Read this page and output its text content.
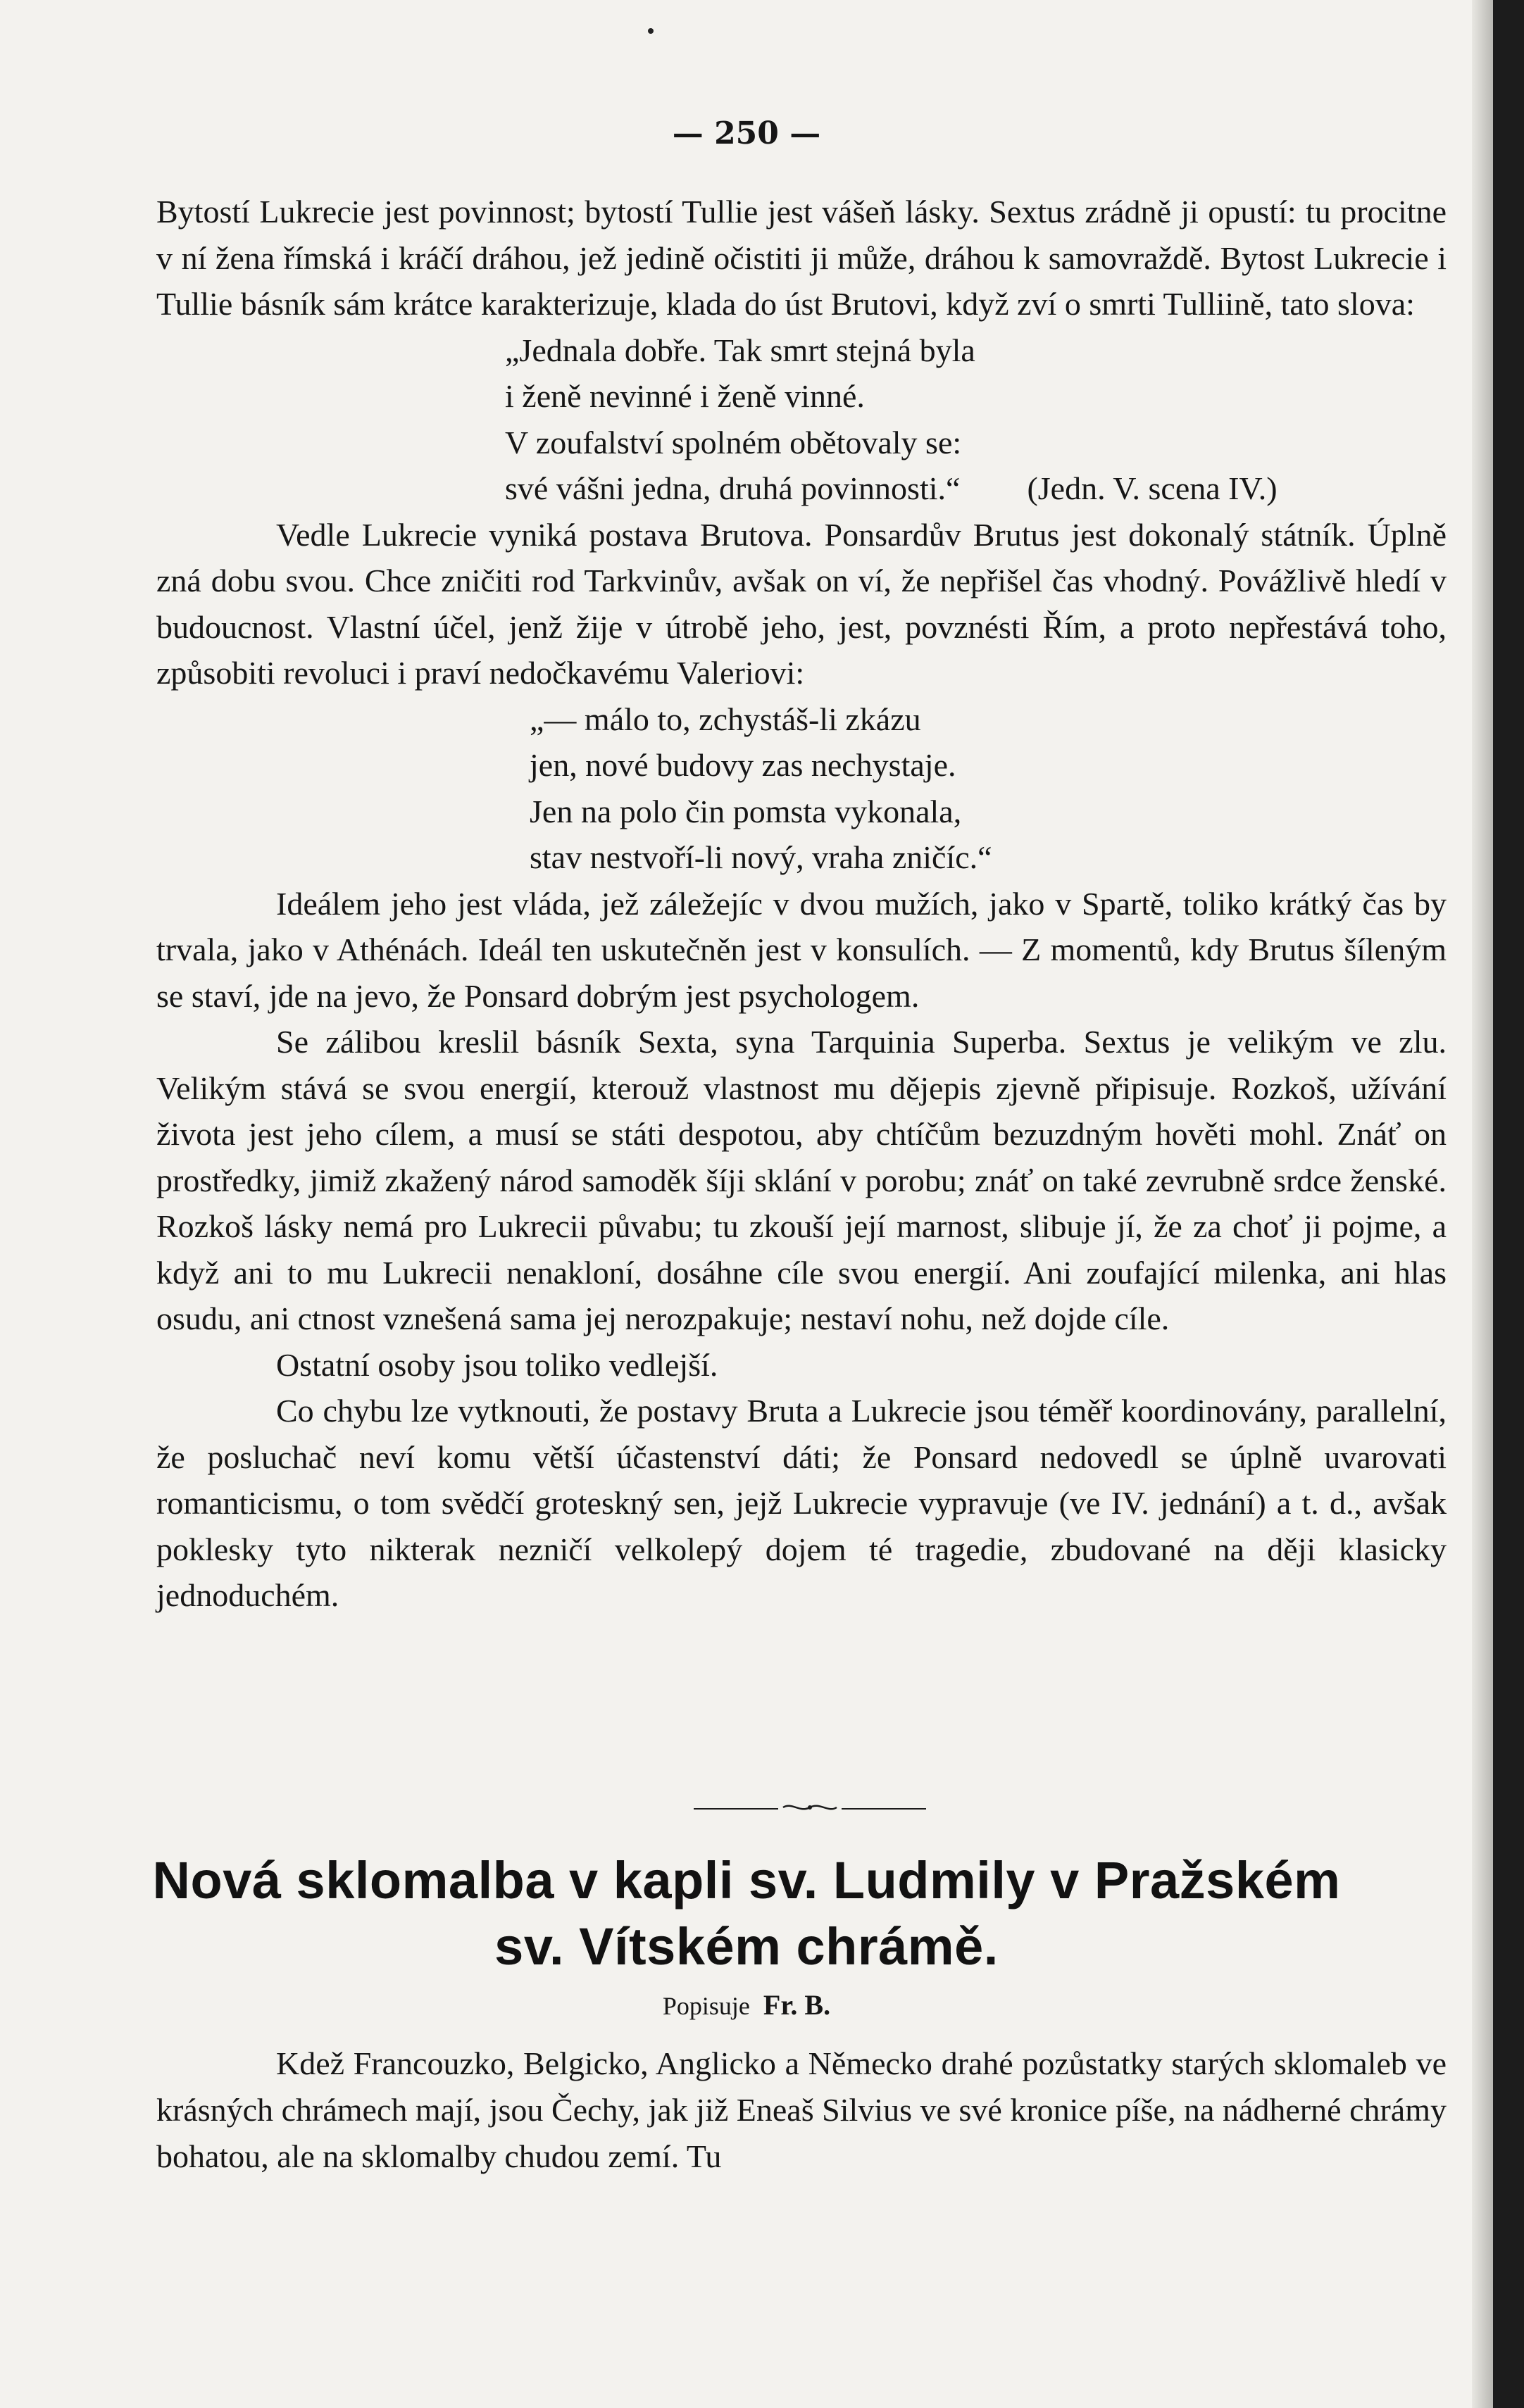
— 250 —

Bytostí Lukrecie jest povinnost; bytostí Tullie jest vášeň lásky. Sextus zrádně ji opustí: tu procitne v ní žena římská i kráčí dráhou, jež jedině očistiti ji může, dráhou k samovraždě. Bytost Lukrecie i Tullie básník sám krátce karakterizuje, klada do úst Brutovi, když zví o smrti Tulliině, tato slova:

„Jednala dobře. Tak smrt stejná byla
i ženě nevinné i ženě vinné.
V zoufalství spolném obětovaly se:
své vášni jedna, druhá povinnosti.“ (Jedn. V. scena IV.)

Vedle Lukrecie vyniká postava Brutova. Ponsardův Brutus jest dokonalý státník. Úplně zná dobu svou. Chce zničiti rod Tarkvinův, avšak on ví, že nepřišel čas vhodný. Povážlivě hledí v budoucnost. Vlastní účel, jenž žije v útrobě jeho, jest, povznésti Řím, a proto nepřestává toho, způsobiti revoluci i praví nedočkavému Valeriovi:

„— málo to, zchystáš-li zkázu
jen, nové budovy zas nechystaje.
Jen na polo čin pomsta vykonala,
stav nestvoří-li nový, vraha zničíc.“

Ideálem jeho jest vláda, jež záležejíc v dvou mužích, jako v Spartě, toliko krátký čas by trvala, jako v Athénách. Ideál ten uskutečněn jest v konsulích. — Z momentů, kdy Brutus šíleným se staví, jde na jevo, že Ponsard dobrým jest psychologem.

Se zálibou kreslil básník Sexta, syna Tarquinia Superba. Sextus je velikým ve zlu. Velikým stává se svou energií, kterouž vlastnost mu dějepis zjevně připisuje. Rozkoš, užívání života jest jeho cílem, a musí se státi despotou, aby chtíčům bezuzdným hověti mohl. Znáť on prostředky, jimiž zkažený národ samoděk šíji sklání v porobu; znáť on také zevrubně srdce ženské. Rozkoš lásky nemá pro Lukrecii půvabu; tu zkouší její marnost, slibuje jí, že za choť ji pojme, a když ani to mu Lukrecii nenakloní, dosáhne cíle svou energií. Ani zoufající milenka, ani hlas osudu, ani ctnost vznešená sama jej nerozpakuje; nestaví nohu, než dojde cíle.

Ostatní osoby jsou toliko vedlejší.

Co chybu lze vytknouti, že postavy Bruta a Lukrecie jsou téměř koordinovány, parallelní, že posluchač neví komu větší účastenství dáti; že Ponsard nedovedl se úplně uvarovati romanticismu, o tom svědčí groteskný sen, jejž Lukrecie vypravuje (ve IV. jednání) a t. d., avšak poklesky tyto nikterak nezničí velkolepý dojem té tragedie, zbudované na ději klasicky jednoduchém.

Nová sklomalba v kapli sv. Ludmily v Pražském
sv. Vítském chrámě.
Popisuje Fr. B.

Kdež Francouzko, Belgicko, Anglicko a Německo drahé pozůstatky starých sklomaleb ve krásných chrámech mají, jsou Čechy, jak již Eneaš Silvius ve své kronice píše, na nádherné chrámy bohatou, ale na sklomalby chudou zemí. Tu
